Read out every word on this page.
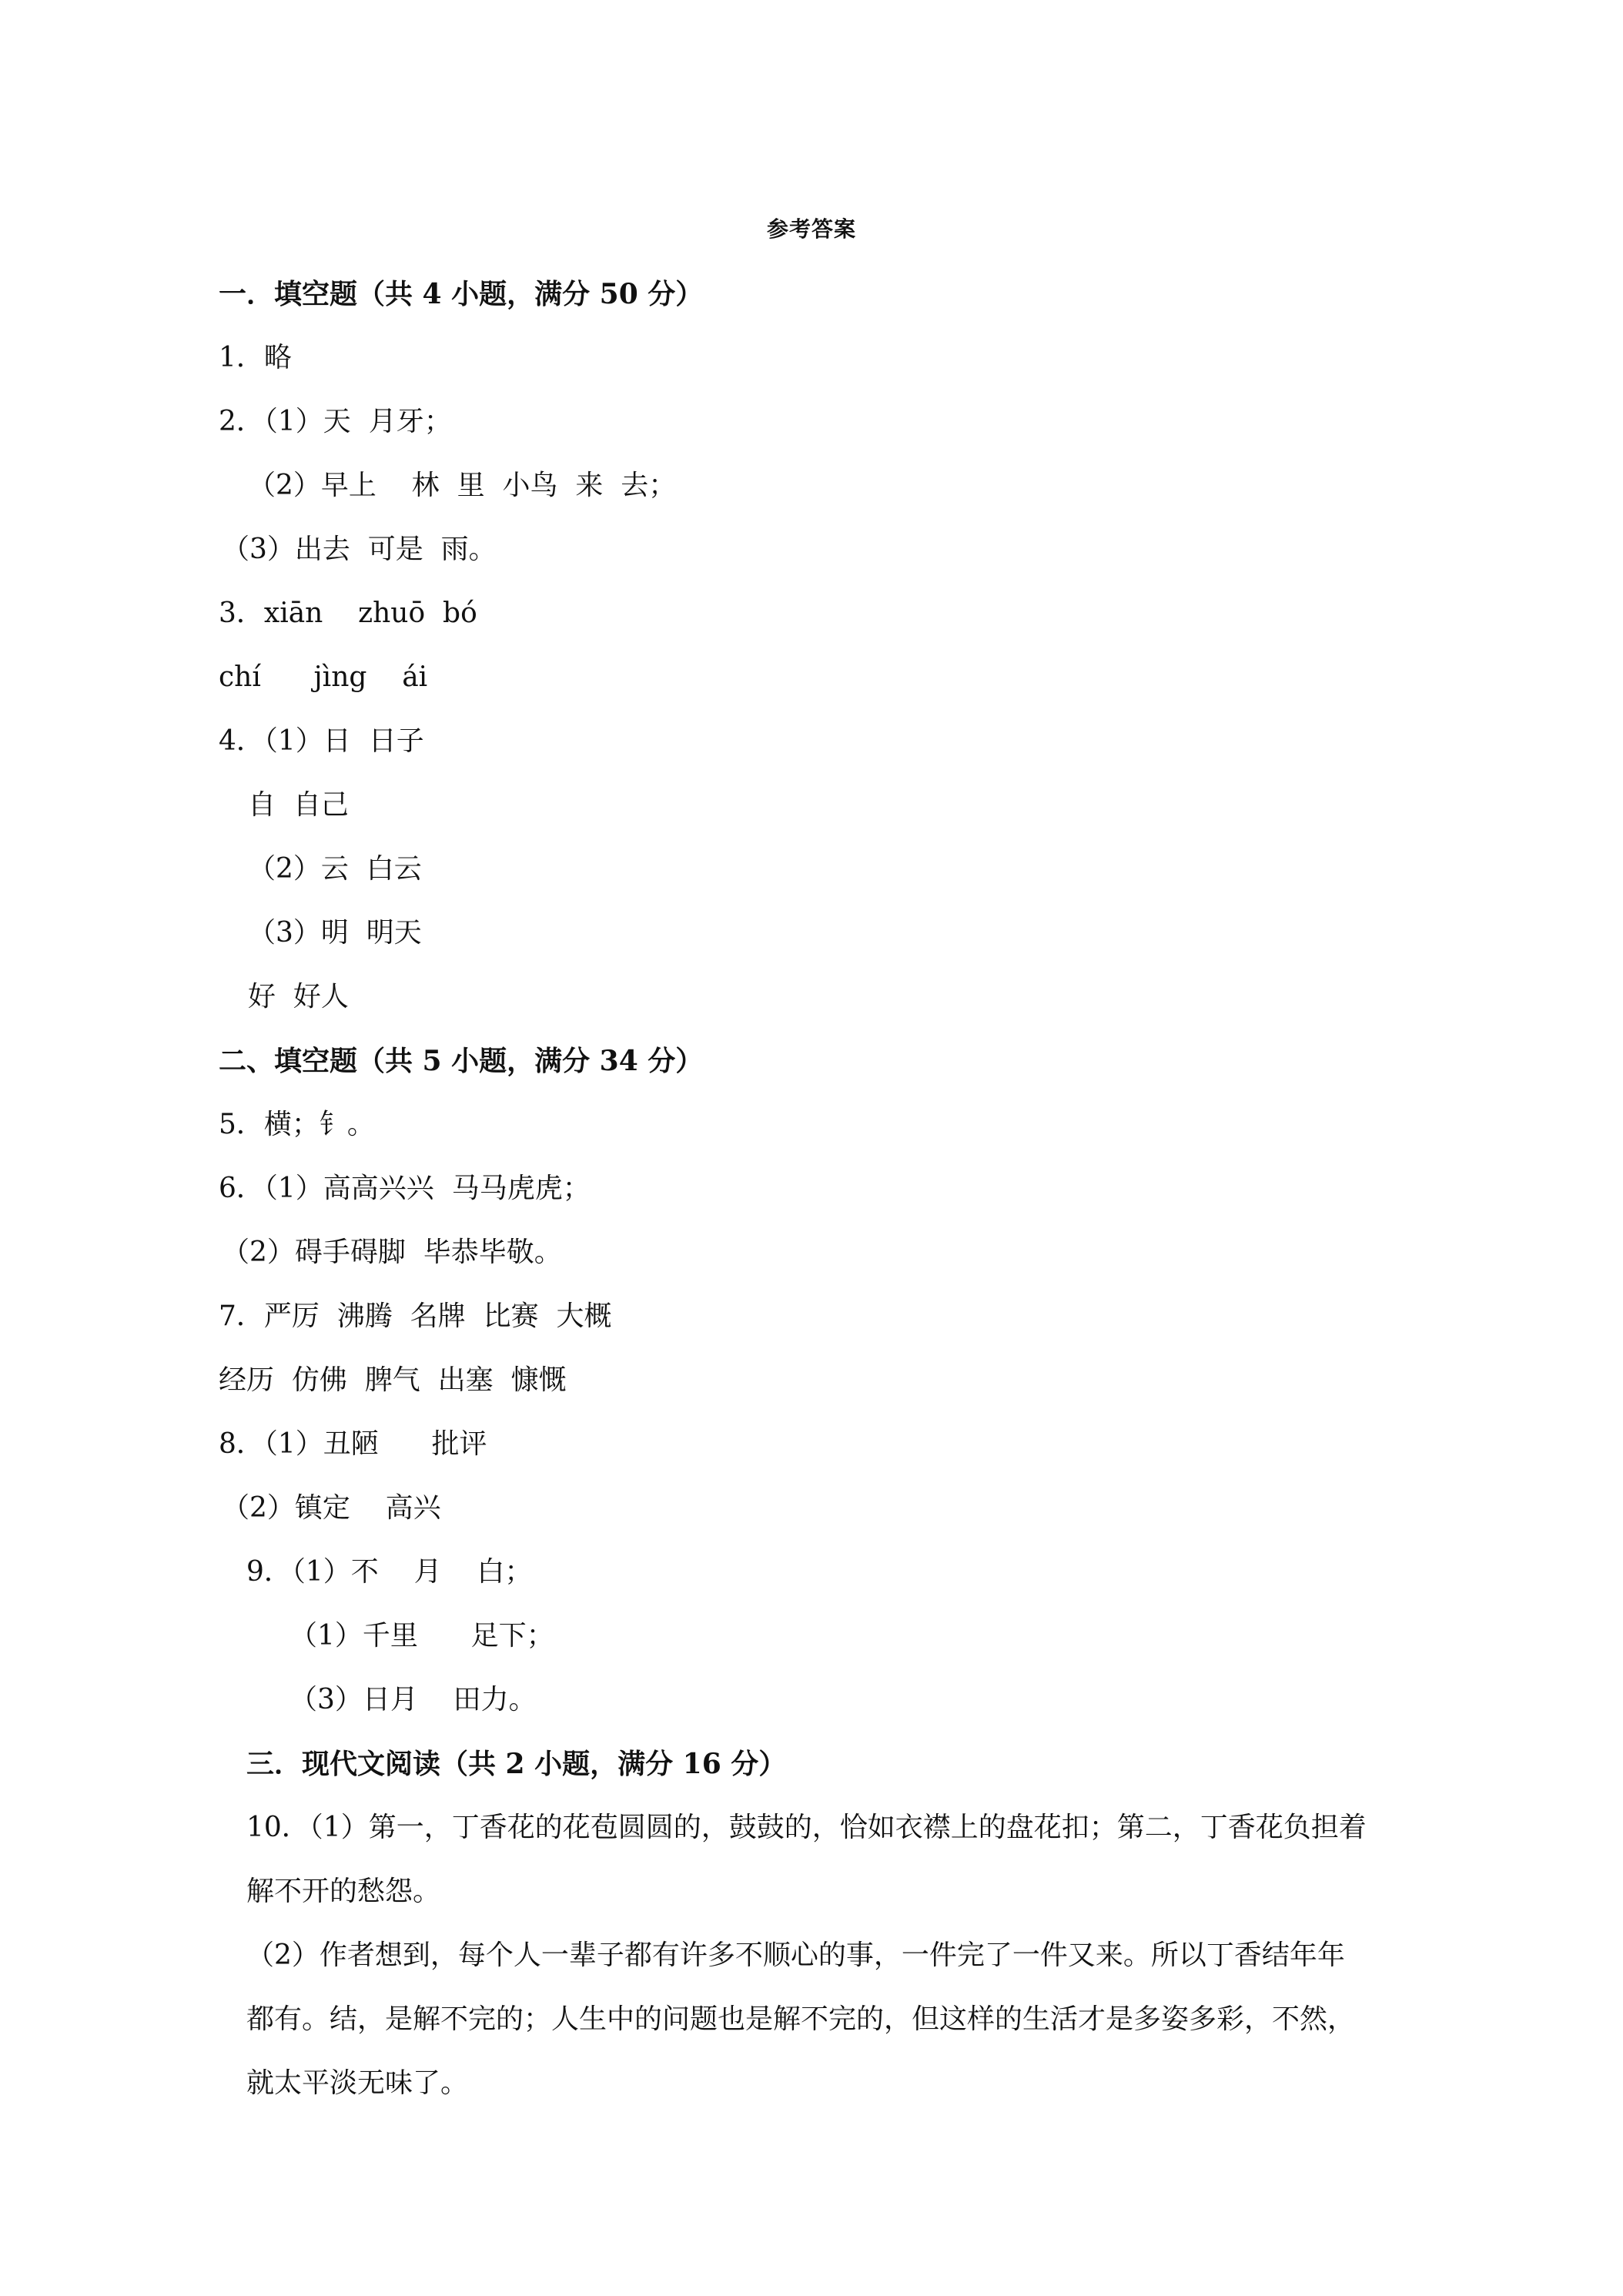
参考答案
一．填空题（共 4 小题，满分 50 分）
1．略
2．（1）天  月牙；
（2）早上    林  里  小鸟  来  去；
（3）出去  可是  雨。
3．xiān    zhuō  bó
chí      jìng    ái
4．（1）日  日子
自  自己
（2）云  白云
（3）明  明天
好  好人
二、填空题（共 5 小题，满分 34 分）
5．横；钅。
6．（1）高高兴兴  马马虎虎；
（2）碍手碍脚  毕恭毕敬。
7．严厉  沸腾  名牌  比赛  大概
经历  仿佛  脾气  出塞  慷慨
8．（1）丑陋      批评
（2）镇定    高兴
9．（1）不    月    白；
（1）千里      足下；
（3）日月    田力。
三．现代文阅读（共 2 小题，满分 16 分）
10．（1）第一，丁香花的花苞圆圆的，鼓鼓的，恰如衣襟上的盘花扣；第二，丁香花负担着
解不开的愁怨。
（2）作者想到，每个人一辈子都有许多不顺心的事，一件完了一件又来。所以丁香结年年
都有。结，是解不完的；人生中的问题也是解不完的，但这样的生活才是多姿多彩，不然，
就太平淡无味了。
